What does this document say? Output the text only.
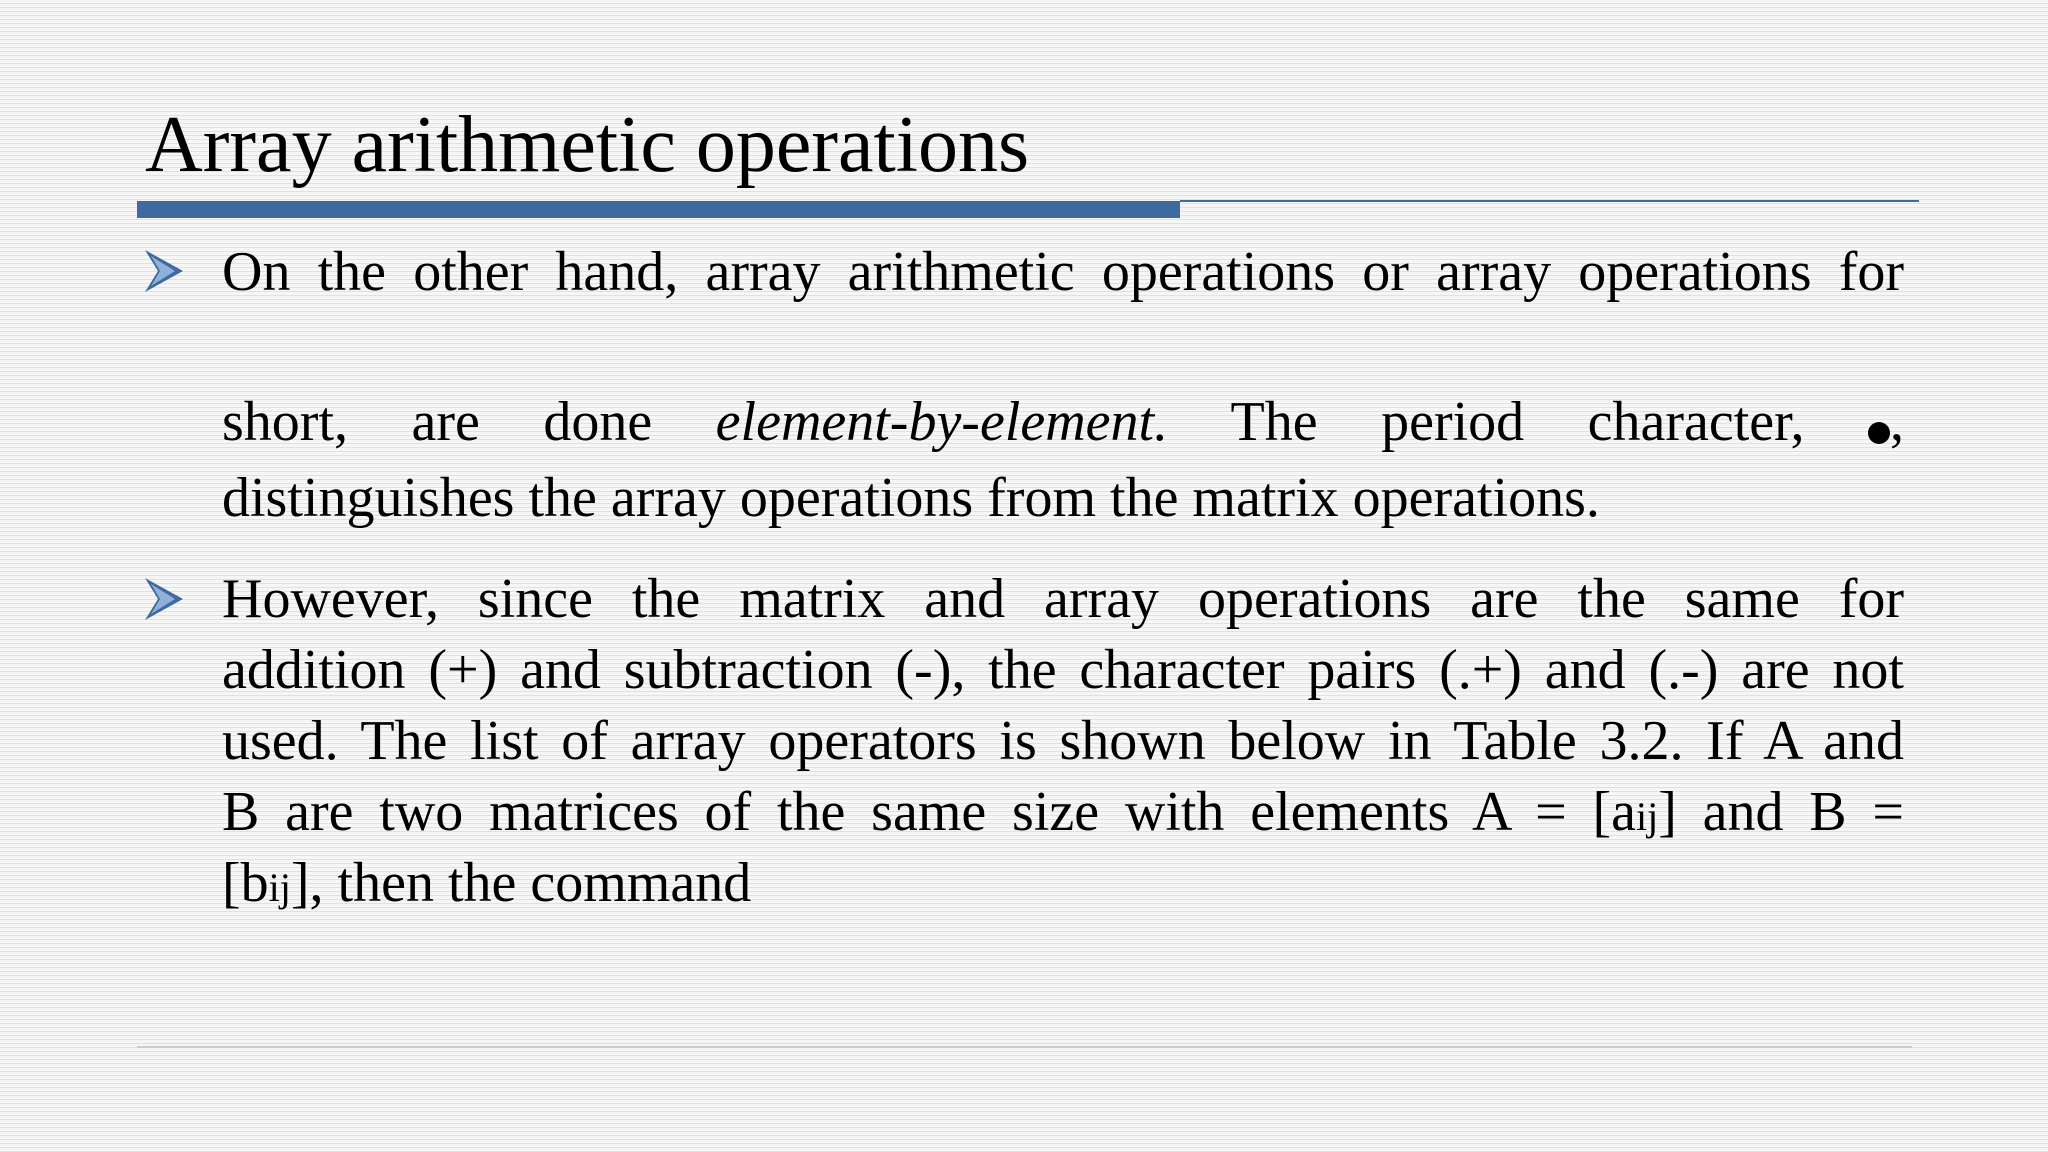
Array arithmetic operations
On the other hand, array arithmetic operations or array operations for
short, are done element-by-element. The period character, ,
distinguishes the array operations from the matrix operations.
However, since the matrix and array operations are the same for
addition (+) and subtraction (-), the character pairs (.+) and (.-) are not
used. The list of array operators is shown below in Table 3.2. If A and
B are two matrices of the same size with elements A = [aij] and B =
[bij], then the command
